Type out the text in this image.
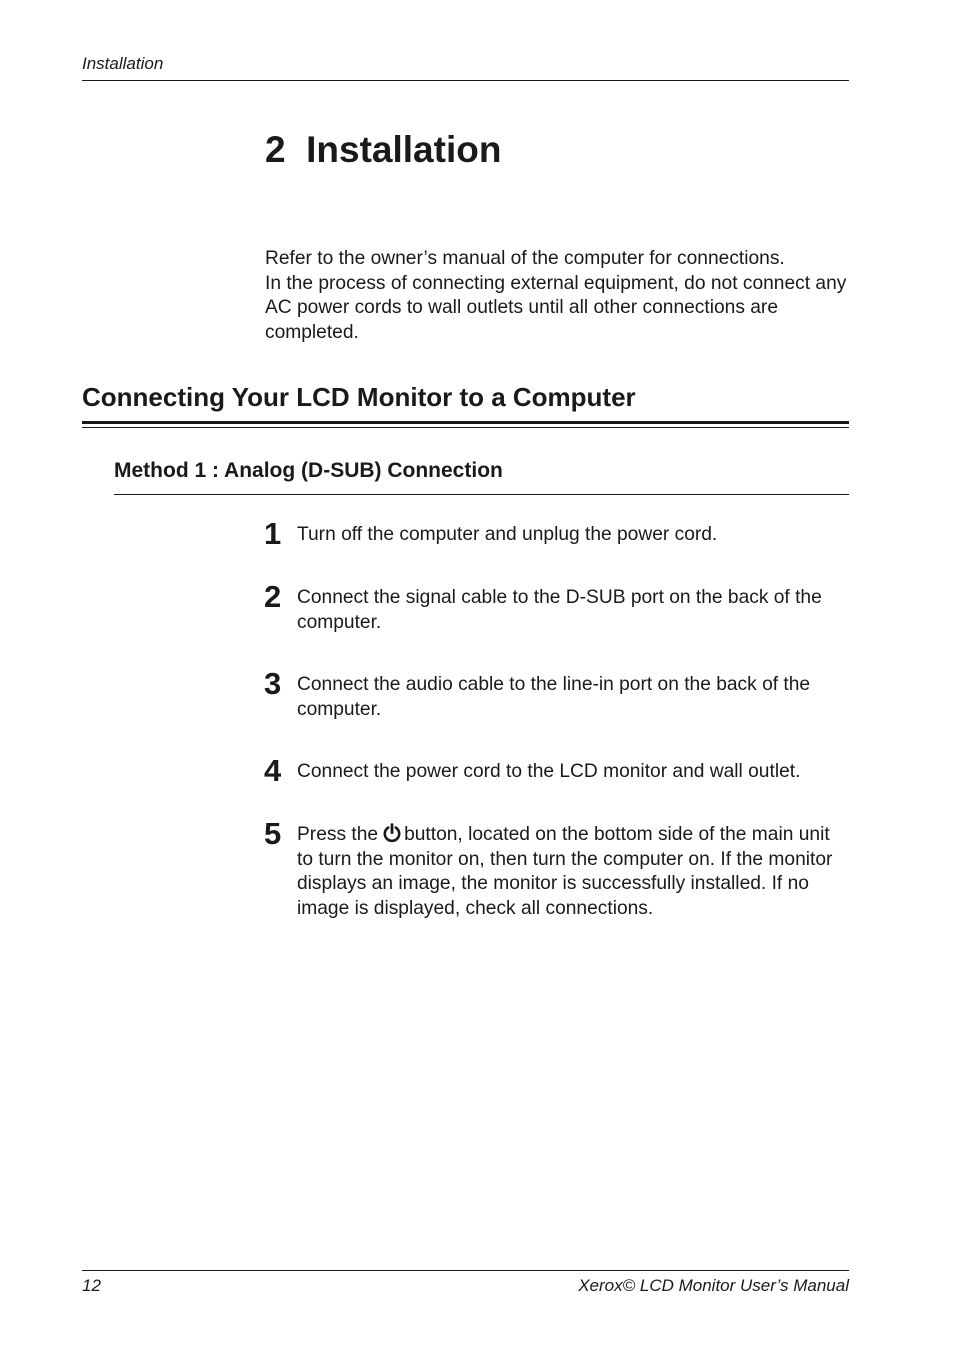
Installation
2  Installation

Refer to the owner’s manual of the computer for connections.

In the process of connecting external equipment, do not connect any AC power cords to wall outlets until all other connections are completed.

Connecting Your LCD Monitor to a Computer
Method 1 : Analog (D-SUB) Connection
1 Turn off the computer and unplug the power cord.
2 Connect the signal cable to the D-SUB port on the back of the computer.
3 Connect the audio cable to the line-in port on the back of the computer.
4 Connect the power cord to the LCD monitor and wall outlet.
5 Press the button, located on the bottom side of the main unit to turn the monitor on, then turn the computer on. If the monitor displays an image, the monitor is successfully installed. If no image is displayed, check all connections.
12	Xerox© LCD Monitor User’s Manual
